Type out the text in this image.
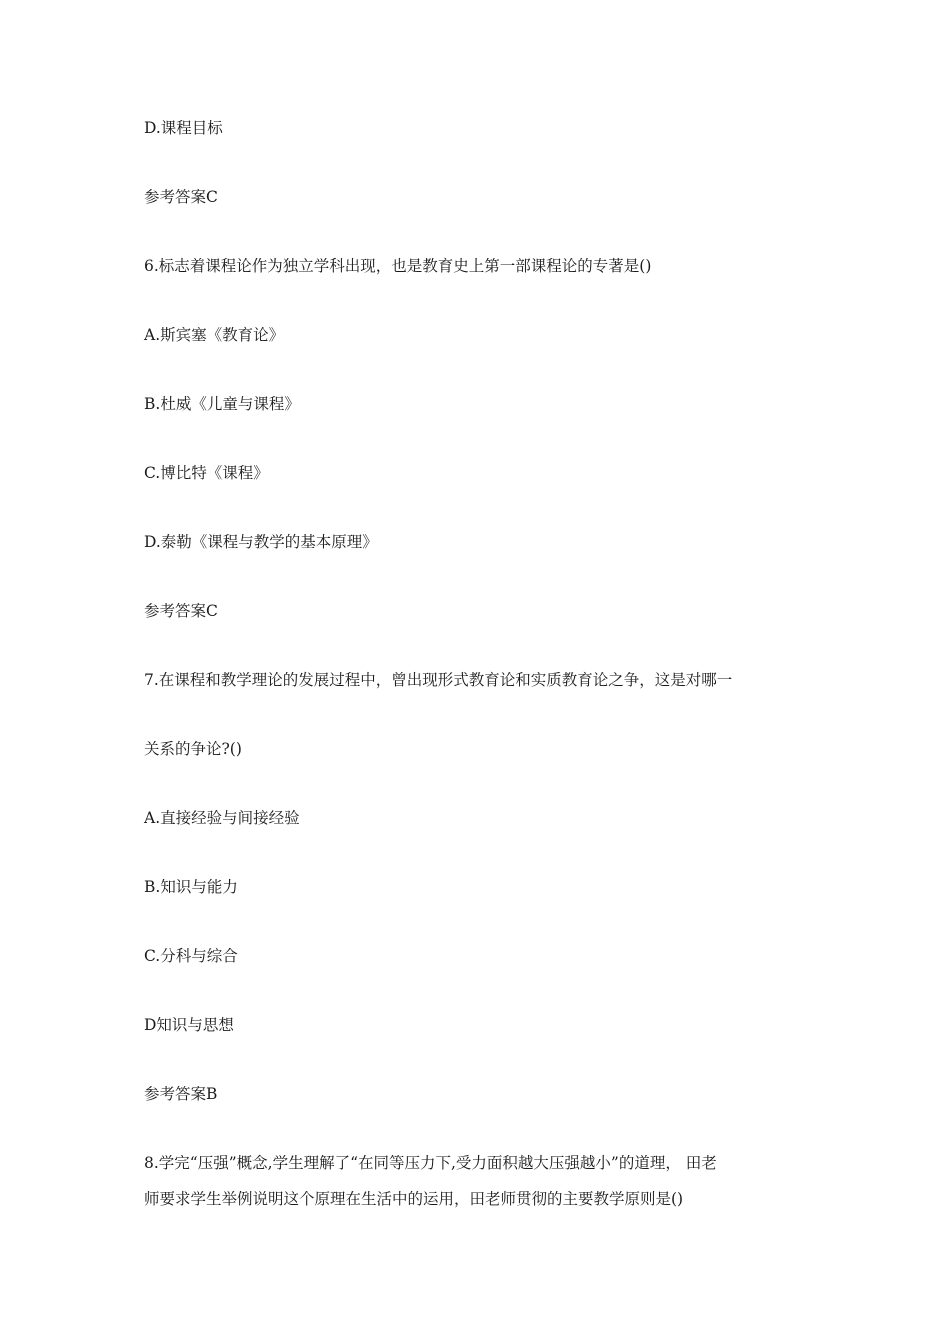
D.课程目标
参考答案C
6.标志着课程论作为独立学科出现，也是教育史上第一部课程论的专著是()
A.斯宾塞《教育论》
B.杜威《儿童与课程》
C.博比特《课程》
D.泰勒《课程与教学的基本原理》
参考答案C
7.在课程和教学理论的发展过程中，曾出现形式教育论和实质教育论之争，这是对哪一
关系的争论?()
A.直接经验与间接经验
B.知识与能力
C.分科与综合
D知识与思想
参考答案B
8.学完“压强”概念,学生理解了“在同等压力下,受力面积越大压强越小”的道理， 田老
师要求学生举例说明这个原理在生活中的运用，田老师贯彻的主要教学原则是()
